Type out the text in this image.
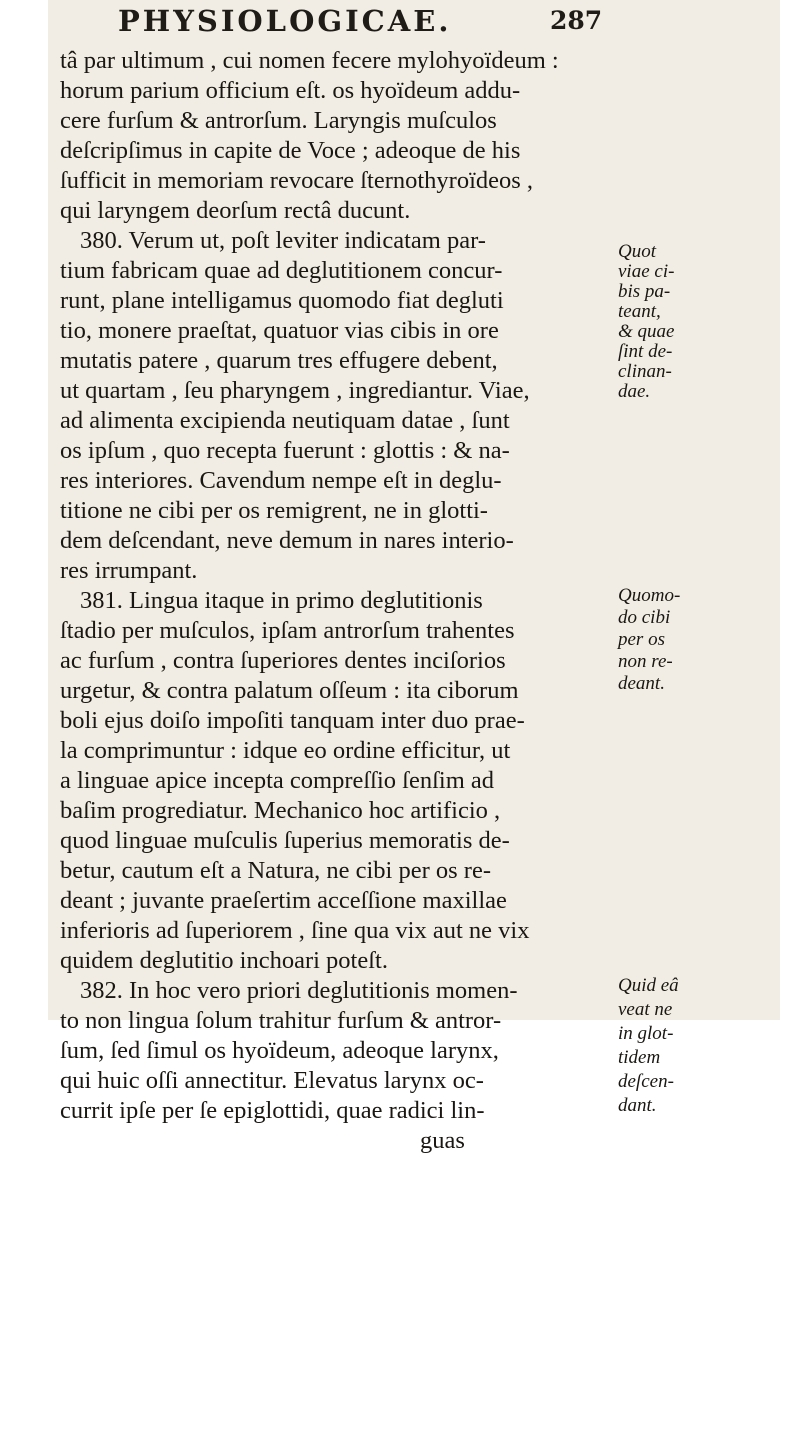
PHYSIOLOGICAE.	287
tâ par ultimum , cui nomen fecere mylohyoïdeum :
horum parium officium eſt. os hyoïdeum addu-
cere furſum & antrorſum. Laryngis muſculos
deſcripſimus in capite de Voce ; adeoque de his
ſufficit in memoriam revocare ſternothyroïdeos ,
qui laryngem deorſum rectâ ducunt.
380. Verum ut, poſt leviter indicatam par-
tium fabricam quae ad deglutitionem concur-
runt, plane intelligamus quomodo fiat degluti
tio, monere praeſtat, quatuor vias cibis in ore
mutatis patere , quarum tres effugere debent,
ut quartam , ſeu pharyngem , ingrediantur. Viae,
ad alimenta excipienda neutiquam datae , ſunt
os ipſum , quo recepta fuerunt : glottis : & na-
res interiores. Cavendum nempe eſt in deglu-
titione ne cibi per os remigrent, ne in glotti-
dem deſcendant, neve demum in nares interio-
res irrumpant.
381. Lingua itaque in primo deglutitionis
ſtadio per muſculos, ipſam antrorſum trahentes
ac furſum , contra ſuperiores dentes inciſorios
urgetur, & contra palatum oſſeum : ita ciborum
boli ejus doiſo impoſiti tanquam inter duo prae-
la comprimuntur : idque eo ordine efficitur, ut
a linguae apice incepta compreſſio ſenſim ad
baſim progrediatur. Mechanico hoc artificio ,
quod linguae muſculis ſuperius memoratis de-
betur, cautum eſt a Natura, ne cibi per os re-
deant ; juvante praeſertim acceſſione maxillae
inferioris ad ſuperiorem , ſine qua vix aut ne vix
quidem deglutitio inchoari poteſt.
382. In hoc vero priori deglutitionis momen-
to non lingua ſolum trahitur furſum & antror-
ſum, ſed ſimul os hyoïdeum, adeoque larynx,
qui huic oſſi annectitur. Elevatus larynx oc-
currit ipſe per ſe epiglottidi, quae radici lin-
guas
Quot
viae ci-
bis pa-
teant,
& quae
ſint de-
clinan-
dae.
Quomo-
do cibi
per os
non re-
deant.
Quid eâ
veat ne
in glot-
tidem
deſcen-
dant.
